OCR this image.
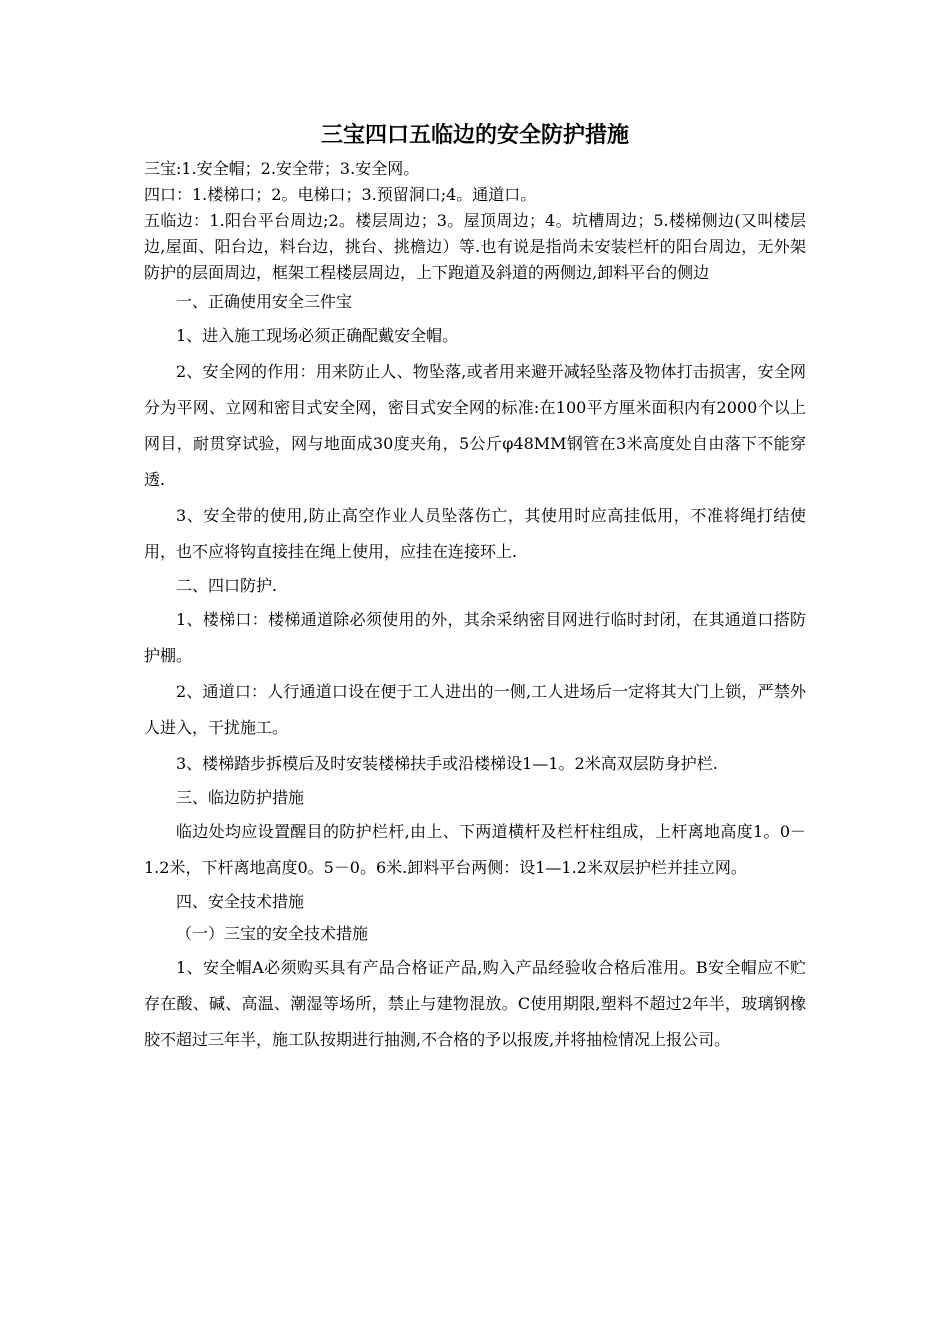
三宝四口五临边的安全防护措施

三宝:1.安全帽；2.安全带；3.安全网。

四口：1.楼梯口；2。电梯口；3.预留洞口;4。通道口。

五临边：1.阳台平台周边;2。楼层周边；3。屋顶周边；4。坑槽周边；5.楼梯侧边(又叫楼层边,屋面、阳台边，料台边，挑台、挑檐边）等.也有说是指尚未安装栏杆的阳台周边，无外架防护的层面周边，框架工程楼层周边，上下跑道及斜道的两侧边,卸料平台的侧边

一、正确使用安全三件宝

1、进入施工现场必须正确配戴安全帽。

2、安全网的作用：用来防止人、物坠落,或者用来避开减轻坠落及物体打击损害，安全网分为平网、立网和密目式安全网，密目式安全网的标准:在100平方厘米面积内有2000个以上网目，耐贯穿试验，网与地面成30度夹角，5公斤φ48MM钢管在3米高度处自由落下不能穿透.

3、安全带的使用,防止高空作业人员坠落伤亡，其使用时应高挂低用，不准将绳打结使用，也不应将钩直接挂在绳上使用，应挂在连接环上.

二、四口防护.

1、楼梯口：楼梯通道除必须使用的外，其余采纳密目网进行临时封闭，在其通道口搭防护棚。

2、通道口：人行通道口设在便于工人进出的一侧,工人进场后一定将其大门上锁，严禁外人进入，干扰施工。

3、楼梯踏步拆模后及时安装楼梯扶手或沿楼梯设1—1。2米高双层防身护栏.

三、临边防护措施

临边处均应设置醒目的防护栏杆,由上、下两道横杆及栏杆柱组成，上杆离地高度1。0－1.2米，下杆离地高度0。5－0。6米.卸料平台两侧：设1—1.2米双层护栏并挂立网。

四、安全技术措施

（一）三宝的安全技术措施

1、安全帽A必须购买具有产品合格证产品,购入产品经验收合格后准用。B安全帽应不贮存在酸、碱、高温、潮湿等场所，禁止与建物混放。C使用期限,塑料不超过2年半，玻璃钢橡胶不超过三年半，施工队按期进行抽测,不合格的予以报废,并将抽检情况上报公司。
